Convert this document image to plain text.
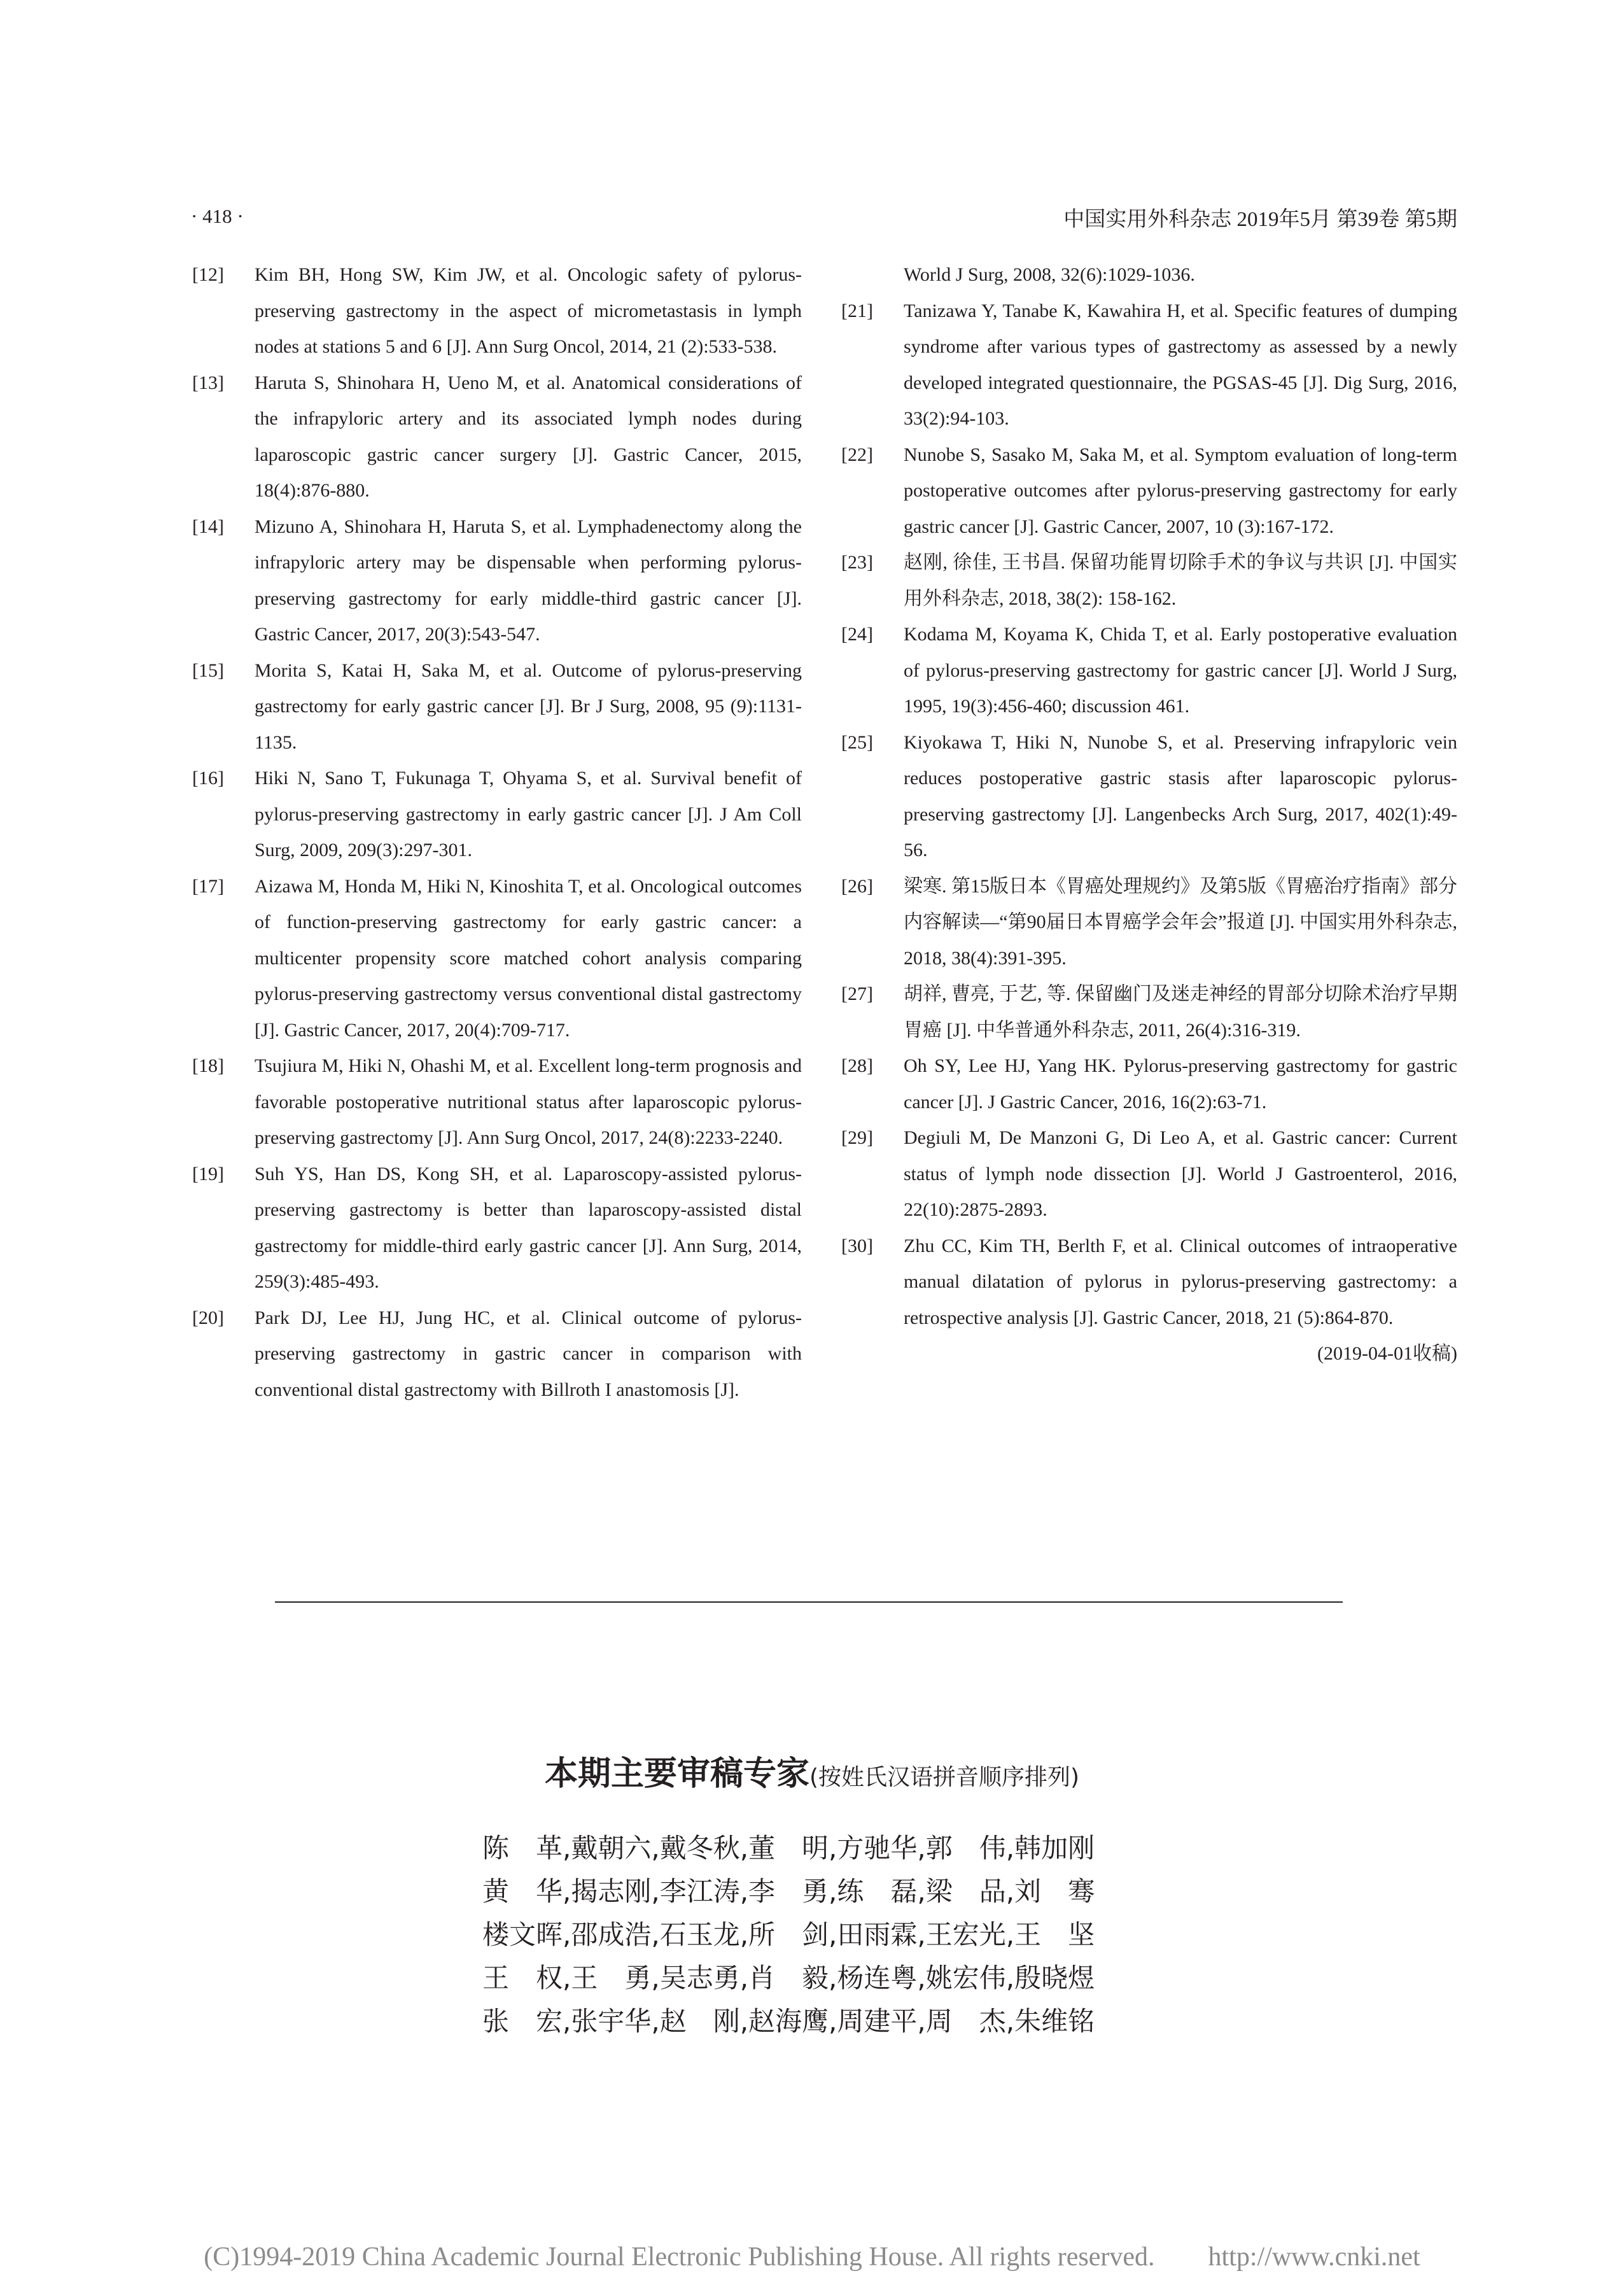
· 418 ·	中国实用外科杂志 2019年5月 第39卷 第5期
[12]	Kim BH, Hong SW, Kim JW, et al. Oncologic safety of pylorus-preserving gastrectomy in the aspect of micrometastasis in lymph nodes at stations 5 and 6 [J]. Ann Surg Oncol, 2014, 21 (2):533-538.
[13]	Haruta S, Shinohara H, Ueno M, et al. Anatomical considerations of the infrapyloric artery and its associated lymph nodes during laparoscopic gastric cancer surgery [J]. Gastric Cancer, 2015, 18(4):876-880.
[14]	Mizuno A, Shinohara H, Haruta S, et al. Lymphadenectomy along the infrapyloric artery may be dispensable when performing pylorus-preserving gastrectomy for early middle-third gastric cancer [J]. Gastric Cancer, 2017, 20(3):543-547.
[15]	Morita S, Katai H, Saka M, et al. Outcome of pylorus-preserving gastrectomy for early gastric cancer [J]. Br J Surg, 2008, 95 (9):1131-1135.
[16]	Hiki N, Sano T, Fukunaga T, Ohyama S, et al. Survival benefit of pylorus-preserving gastrectomy in early gastric cancer [J]. J Am Coll Surg, 2009, 209(3):297-301.
[17]	Aizawa M, Honda M, Hiki N, Kinoshita T, et al. Oncological outcomes of function-preserving gastrectomy for early gastric cancer: a multicenter propensity score matched cohort analysis comparing pylorus-preserving gastrectomy versus conventional distal gastrectomy [J]. Gastric Cancer, 2017, 20(4):709-717.
[18]	Tsujiura M, Hiki N, Ohashi M, et al. Excellent long-term prognosis and favorable postoperative nutritional status after laparoscopic pylorus-preserving gastrectomy [J]. Ann Surg Oncol, 2017, 24(8):2233-2240.
[19]	Suh YS, Han DS, Kong SH, et al. Laparoscopy-assisted pylorus-preserving gastrectomy is better than laparoscopy-assisted distal gastrectomy for middle-third early gastric cancer [J]. Ann Surg, 2014, 259(3):485-493.
[20]	Park DJ, Lee HJ, Jung HC, et al. Clinical outcome of pylorus-preserving gastrectomy in gastric cancer in comparison with conventional distal gastrectomy with Billroth I anastomosis [J].
World J Surg, 2008, 32(6):1029-1036.
[21]	Tanizawa Y, Tanabe K, Kawahira H, et al. Specific features of dumping syndrome after various types of gastrectomy as assessed by a newly developed integrated questionnaire, the PGSAS-45 [J]. Dig Surg, 2016, 33(2):94-103.
[22]	Nunobe S, Sasako M, Saka M, et al. Symptom evaluation of long-term postoperative outcomes after pylorus-preserving gastrectomy for early gastric cancer [J]. Gastric Cancer, 2007, 10 (3):167-172.
[23]	赵刚, 徐佳, 王书昌. 保留功能胃切除手术的争议与共识 [J]. 中国实用外科杂志, 2018, 38(2): 158-162.
[24]	Kodama M, Koyama K, Chida T, et al. Early postoperative evaluation of pylorus-preserving gastrectomy for gastric cancer [J]. World J Surg, 1995, 19(3):456-460; discussion 461.
[25]	Kiyokawa T, Hiki N, Nunobe S, et al. Preserving infrapyloric vein reduces postoperative gastric stasis after laparoscopic pylorus-preserving gastrectomy [J]. Langenbecks Arch Surg, 2017, 402(1):49-56.
[26]	梁寒. 第15版日本《胃癌处理规约》及第5版《胃癌治疗指南》部分内容解读—“第90届日本胃癌学会年会”报道 [J]. 中国实用外科杂志, 2018, 38(4):391-395.
[27]	胡祥, 曹亮, 于艺, 等. 保留幽门及迷走神经的胃部分切除术治疗早期胃癌 [J]. 中华普通外科杂志, 2011, 26(4):316-319.
[28]	Oh SY, Lee HJ, Yang HK. Pylorus-preserving gastrectomy for gastric cancer [J]. J Gastric Cancer, 2016, 16(2):63-71.
[29]	Degiuli M, De Manzoni G, Di Leo A, et al. Gastric cancer: Current status of lymph node dissection [J]. World J Gastroenterol, 2016, 22(10):2875-2893.
[30]	Zhu CC, Kim TH, Berlth F, et al. Clinical outcomes of intraoperative manual dilatation of pylorus in pylorus-preserving gastrectomy: a retrospective analysis [J]. Gastric Cancer, 2018, 21 (5):864-870.
(2019-04-01收稿)
本期主要审稿专家(按姓氏汉语拼音顺序排列)
陈　革,戴朝六,戴冬秋,董　明,方驰华,郭　伟,韩加刚
黄　华,揭志刚,李江涛,李　勇,练　磊,梁　品,刘　骞
楼文晖,邵成浩,石玉龙,所　剑,田雨霖,王宏光,王　坚
王　权,王　勇,吴志勇,肖　毅,杨连粤,姚宏伟,殷晓煜
张　宏,张宇华,赵　刚,赵海鹰,周建平,周　杰,朱维铭
(C)1994-2019 China Academic Journal Electronic Publishing House. All rights reserved.　　http://www.cnki.net
